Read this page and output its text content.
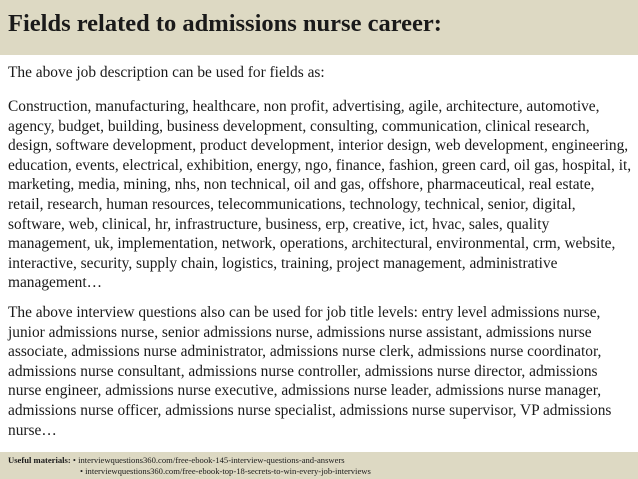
Fields related to admissions nurse career:

The above job description can be used for fields as:

Construction, manufacturing, healthcare, non profit, advertising, agile, architecture, automotive, agency, budget, building, business development, consulting, communication, clinical research, design, software development, product development, interior design, web development, engineering, education, events, electrical, exhibition, energy, ngo, finance, fashion, green card, oil gas, hospital, it, marketing, media, mining, nhs, non technical, oil and gas, offshore, pharmaceutical, real estate, retail, research, human resources, telecommunications, technology, technical, senior, digital, software, web, clinical, hr, infrastructure, business, erp, creative, ict, hvac, sales, quality management, uk, implementation, network, operations, architectural, environmental, crm, website, interactive, security, supply chain, logistics, training, project management, administrative management…

The above interview questions also can be used for job title levels: entry level admissions nurse, junior admissions nurse, senior admissions nurse, admissions nurse assistant, admissions nurse associate, admissions nurse administrator, admissions nurse clerk, admissions nurse coordinator, admissions nurse consultant, admissions nurse controller, admissions nurse director, admissions nurse engineer, admissions nurse executive, admissions nurse leader, admissions nurse manager, admissions nurse officer, admissions nurse specialist, admissions nurse supervisor, VP admissions nurse…

Useful materials: • interviewquestions360.com/free-ebook-145-interview-questions-and-answers
• interviewquestions360.com/free-ebook-top-18-secrets-to-win-every-job-interviews
